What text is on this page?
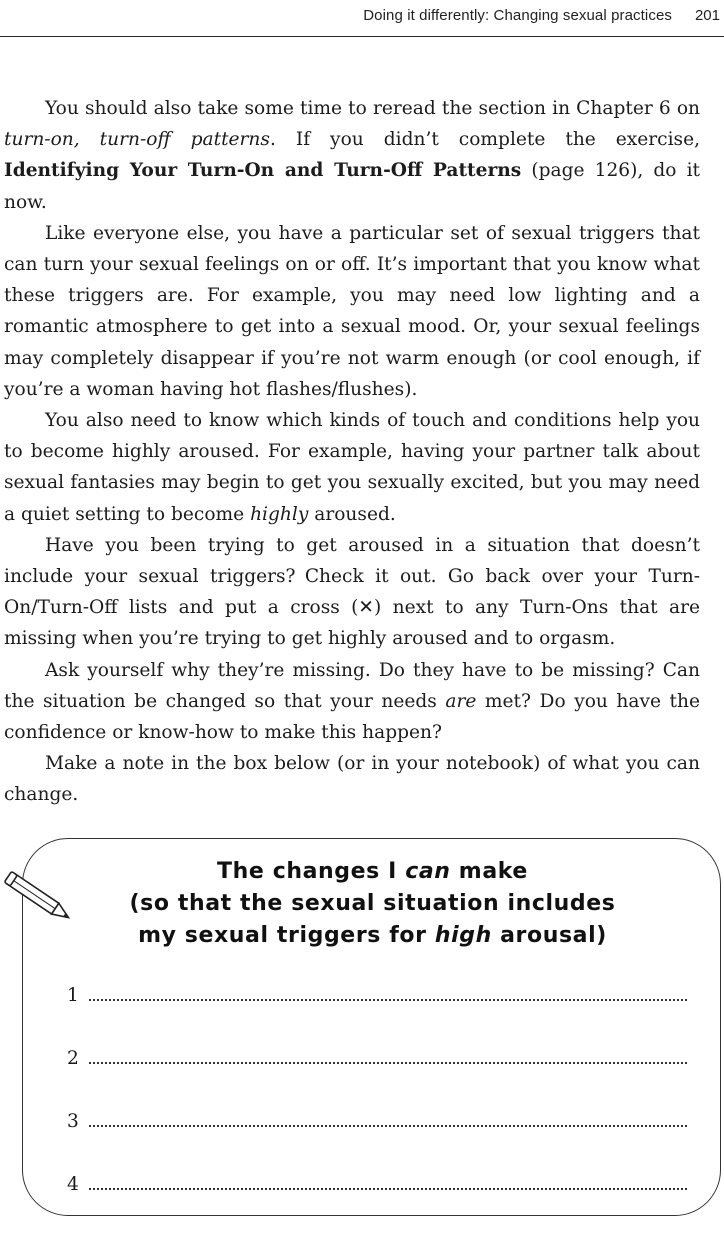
Doing it differently: Changing sexual practices 201

You should also take some time to reread the section in Chapter 6 on turn-on, turn-off patterns. If you didn’t complete the exercise, Identifying Your Turn-On and Turn-Off Patterns (page 126), do it now.

Like everyone else, you have a particular set of sexual triggers that can turn your sexual feelings on or off. It’s important that you know what these triggers are. For example, you may need low lighting and a romantic atmosphere to get into a sexual mood. Or, your sexual feelings may completely disappear if you’re not warm enough (or cool enough, if you’re a woman having hot flashes/flushes).

You also need to know which kinds of touch and conditions help you to become highly aroused. For example, having your partner talk about sexual fantasies may begin to get you sexually excited, but you may need a quiet setting to become highly aroused.

Have you been trying to get aroused in a situation that doesn’t include your sexual triggers? Check it out. Go back over your Turn-On/Turn-Off lists and put a cross (✕) next to any Turn-Ons that are missing when you’re trying to get highly aroused and to orgasm.

Ask yourself why they’re missing. Do they have to be missing? Can the situation be changed so that your needs are met? Do you have the confidence or know-how to make this happen?

Make a note in the box below (or in your notebook) of what you can change.

The changes I can make
(so that the sexual situation includes
my sexual triggers for high arousal)
1
2
3
4
